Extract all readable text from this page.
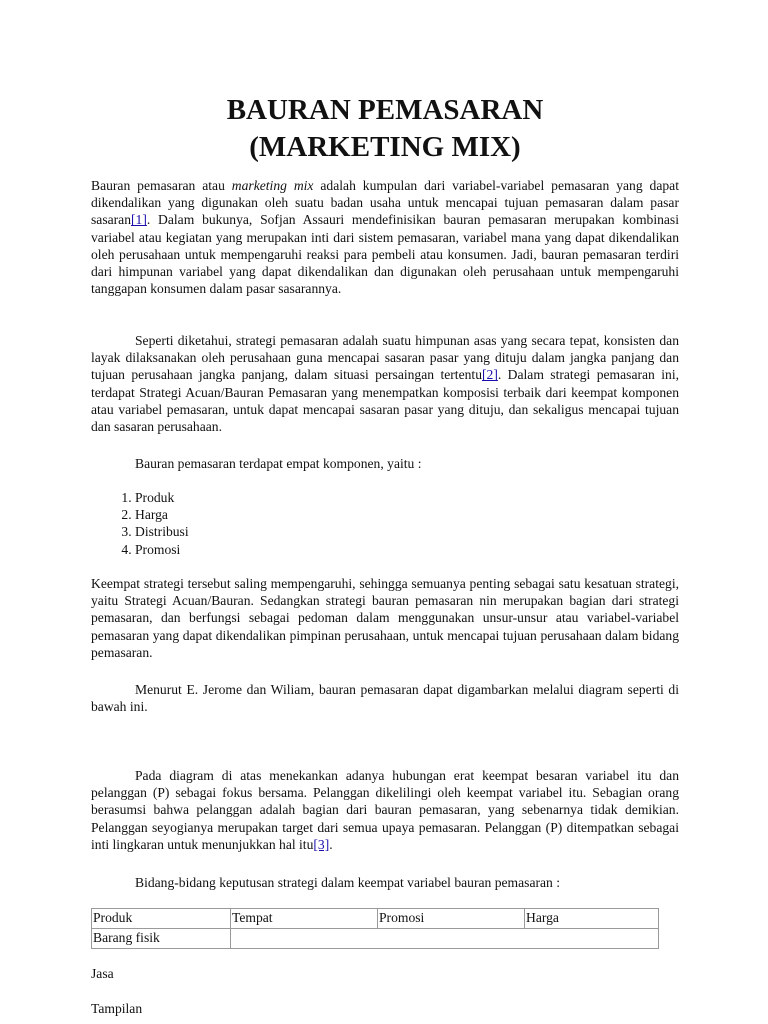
BAURAN PEMASARAN
(MARKETING MIX)

Bauran pemasaran atau marketing mix adalah kumpulan dari variabel-variabel pemasaran yang dapat dikendalikan yang digunakan oleh suatu badan usaha untuk mencapai tujuan pemasaran dalam pasar sasaran[1]. Dalam bukunya, Sofjan Assauri mendefinisikan bauran pemasaran merupakan kombinasi variabel atau kegiatan yang merupakan inti dari sistem pemasaran, variabel mana yang dapat dikendalikan oleh perusahaan untuk mempengaruhi reaksi para pembeli atau konsumen. Jadi, bauran pemasaran terdiri dari himpunan variabel yang dapat dikendalikan dan digunakan oleh perusahaan untuk mempengaruhi tanggapan konsumen dalam pasar sasarannya.

Seperti diketahui, strategi pemasaran adalah suatu himpunan asas yang secara tepat, konsisten dan layak dilaksanakan oleh perusahaan guna mencapai sasaran pasar yang dituju dalam jangka panjang dan tujuan perusahaan jangka panjang, dalam situasi persaingan tertentu[2]. Dalam strategi pemasaran ini, terdapat Strategi Acuan/Bauran Pemasaran yang menempatkan komposisi terbaik dari keempat komponen atau variabel pemasaran, untuk dapat mencapai sasaran pasar yang dituju, dan sekaligus mencapai tujuan dan sasaran perusahaan.

Bauran pemasaran terdapat empat komponen, yaitu :

1. Produk
2. Harga
3. Distribusi
4. Promosi

Keempat strategi tersebut saling mempengaruhi, sehingga semuanya penting sebagai satu kesatuan strategi, yaitu Strategi Acuan/Bauran. Sedangkan strategi bauran pemasaran nin merupakan bagian dari strategi pemasaran, dan berfungsi sebagai pedoman dalam menggunakan unsur-unsur atau variabel-variabel pemasaran yang dapat dikendalikan pimpinan perusahaan, untuk mencapai tujuan perusahaan dalam bidang pemasaran.

Menurut E. Jerome dan Wiliam, bauran pemasaran dapat digambarkan melalui diagram seperti di bawah ini.

Pada diagram di atas menekankan adanya hubungan erat keempat besaran variabel itu dan pelanggan (P) sebagai fokus bersama. Pelanggan dikelilingi oleh keempat variabel itu. Sebagian orang berasumsi bahwa pelanggan adalah bagian dari bauran pemasaran, yang sebenarnya tidak demikian. Pelanggan seyogianya merupakan target dari semua upaya pemasaran. Pelanggan (P) ditempatkan sebagai inti lingkaran untuk menunjukkan hal itu[3].

Bidang-bidang keputusan strategi dalam keempat variabel bauran pemasaran :

Produk	Tempat	Promosi	Harga
Barang fisik			

Jasa

Tampilan
